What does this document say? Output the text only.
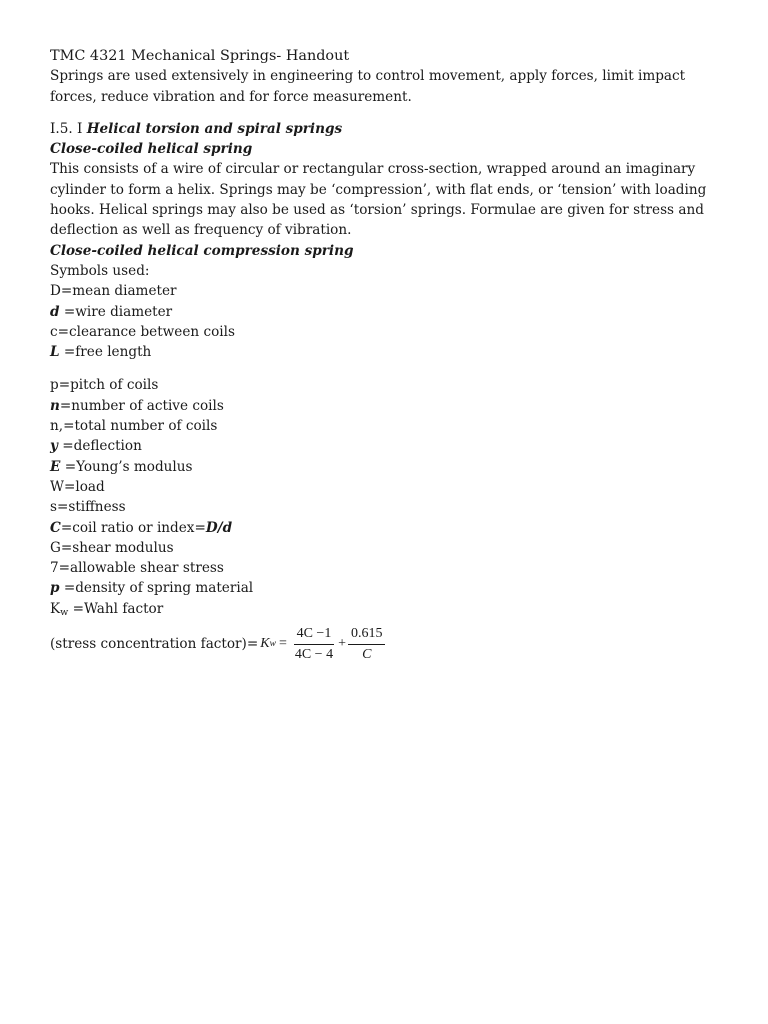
TMC 4321 Mechanical Springs- Handout
Springs are used extensively in engineering to control movement, apply forces, limit impact forces, reduce vibration and for force measurement.
I.5. I Helical torsion and spiral springs
Close-coiled helical spring
This consists of a wire of circular or rectangular cross-section, wrapped around an imaginary cylinder to form a helix. Springs may be ‘compression’, with flat ends, or ‘tension’ with loading hooks. Helical springs may also be used as ‘torsion’ springs. Formulae are given for stress and deflection as well as frequency of vibration.
Close-coiled helical compression spring
Symbols used:
D=mean diameter
d =wire diameter
c=clearance between coils
L =free length
p=pitch of coils
n=number of active coils
n,=total number of coils
y =deflection
E =Young’s modulus
W=load
s=stiffness
C=coil ratio or index=D/d
G=shear modulus
7=allowable shear stress
p =density of spring material
$K_w$ =Wahl factor
(stress concentration factor)= K $w = \frac{4C -1}{4C - 4} + \frac{0.615}{C}$
